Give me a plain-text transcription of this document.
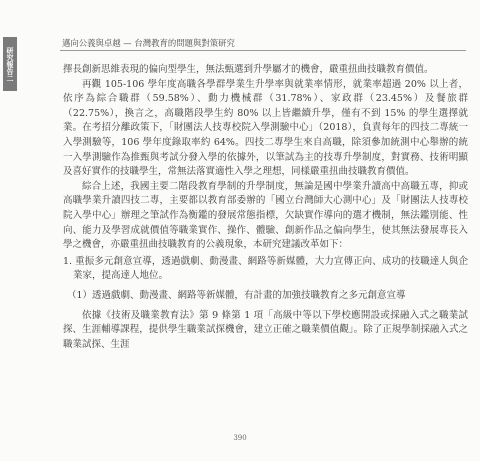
研究報告二
邁向公義與卓越 — 台灣教育的問題與對策研究

擇長創新思維表現的偏向型學生，無法甄選到升學屬才的機會，嚴重扭曲技職教育價值。

再觀 105-106 學年度高職各學群學業生升學率與就業率情形，就業率超過 20% 以上者，依序為綜合職群（59.58%）、動力機械群（31.78%）、家政群（23.45%）及餐旅群（22.75%），換言之，高職階段學生約 80% 以上皆繼續升學，僅有不到 15% 的學生選擇就業。在考招分離政策下，「財團法人技專校院入學測驗中心」（2018），負責每年的四技二專統一入學測驗等，106 學年度錄取率約 64%。四技二專學生來自高職，除須參加統測中心舉辦的統一入學測驗作為推甄與考試分發入學的依據外，以筆試為主的技專升學制度，對實務、技術明顯及喜好實作的技職學生，常無法落實適性入學之理想，同樣嚴重扭曲技職教育價值。

綜合上述，我國主要二階段教育學制的升學制度，無論是國中學業升讀高中高職五專，抑或高職學業升讀四技二專，主要都以教育部委辦的「國立台灣師大心測中心」及「財團法人技專校院入學中心」辦理之筆試作為衡鑑的發展常態指標，欠缺實作導向的選才機制，無法鑑別能、性向、能力及學習成就價值等職業實作、操作、體驗、創新作品之偏向學生，使其無法發展專長入學之機會，亦嚴重扭曲技職教育的公義現象，本研究建議改革如下：

1. 重振多元創意宣導，透過戲劇、動漫畫、網路等新媒體，大力宣傳正向、成功的技職達人與企業家，提高達人地位。

（1）透過戲劇、動漫畫、網路等新媒體，有計畫的加強技職教育之多元創意宣導

依據《技術及職業教育法》第 9 條第 1 項「高級中等以下學校應開設或採融入式之職業試探、生涯輔導課程，提供學生職業試探機會，建立正確之職業價值觀」。除了正規學制採融入式之職業試探、生涯

390
